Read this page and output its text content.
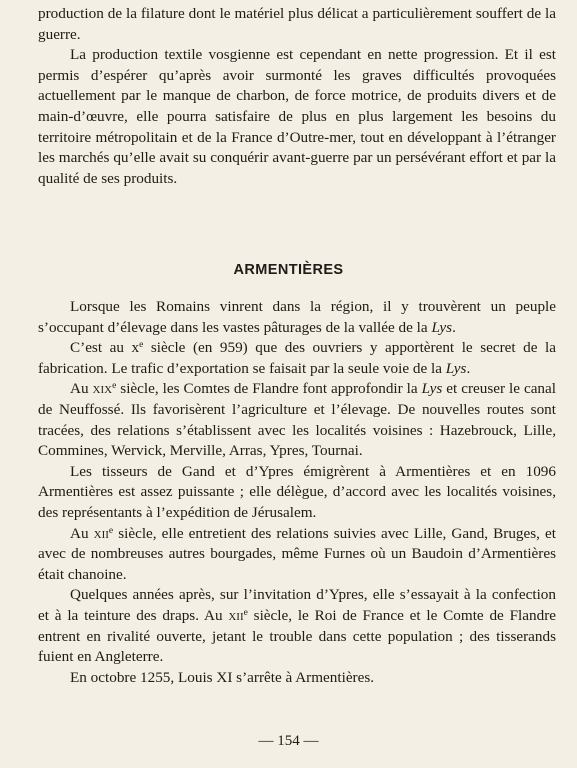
production de la filature dont le matériel plus délicat a particulièrement souffert de la guerre.

La production textile vosgienne est cependant en nette progression. Et il est permis d’espérer qu’après avoir surmonté les graves difficultés provoquées actuellement par le manque de charbon, de force motrice, de produits divers et de main-d’œuvre, elle pourra satisfaire de plus en plus largement les besoins du territoire métropolitain et de la France d’Outre-mer, tout en développant à l’étranger les marchés qu’elle avait su conquérir avant-guerre par un persévérant effort et par la qualité de ses produits.

ARMENTIÈRES

Lorsque les Romains vinrent dans la région, il y trouvèrent un peuple s’occupant d’élevage dans les vastes pâturages de la vallée de la Lys.

C’est au $x^e$ siècle (en 959) que des ouvriers y apportèrent le secret de la fabrication. Le trafic d’exportation se faisait par la seule voie de la Lys.

Au xix$^e$ siècle, les Comtes de Flandre font approfondir la Lys et creuser le canal de Neuffossé. Ils favorisèrent l’agriculture et l’élevage. De nouvelles routes sont tracées, des relations s’établissent avec les localités voisines : Hazebrouck, Lille, Commines, Wervick, Merville, Arras, Ypres, Tournai.

Les tisseurs de Gand et d’Ypres émigrèrent à Armentières et en 1096 Armentières est assez puissante ; elle délègue, d’accord avec les localités voisines, des représentants à l’expédition de Jérusalem.

Au xii$^e$ siècle, elle entretient des relations suivies avec Lille, Gand, Bruges, et avec de nombreuses autres bourgades, même Furnes où un Baudoin d’Armentières était chanoine.

Quelques années après, sur l’invitation d’Ypres, elle s’essayait à la confection et à la teinture des draps. Au xii$^e$ siècle, le Roi de France et le Comte de Flandre entrent en rivalité ouverte, jetant le trouble dans cette population ; des tisserands fuient en Angleterre.

En octobre 1255, Louis XI s’arrête à Armentières.

— 154 —
